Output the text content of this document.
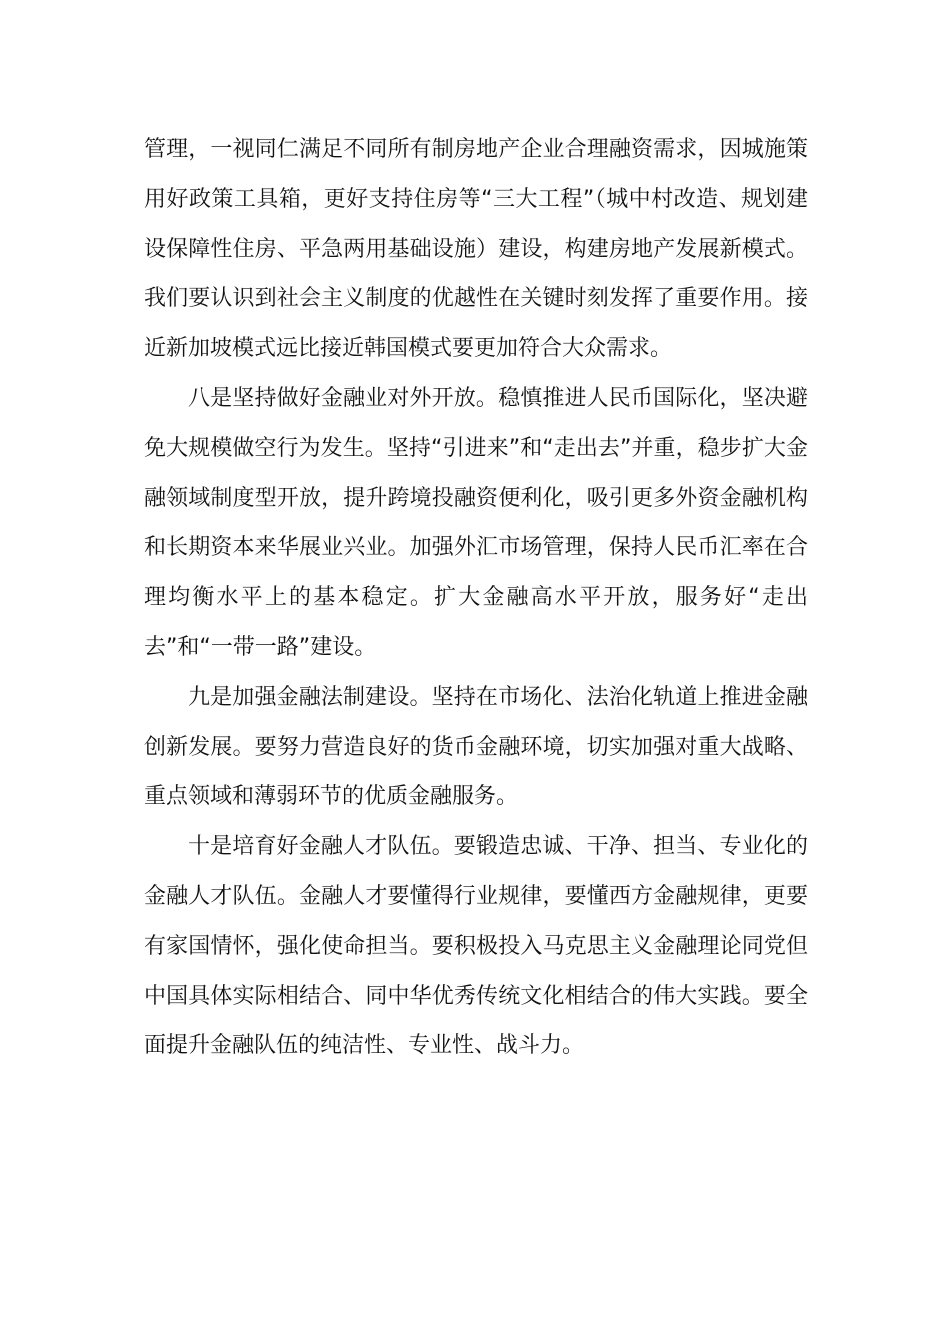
管理，一视同仁满足不同所有制房地产企业合理融资需求，因城施策用好政策工具箱，更好支持住房等“三大工程”（城中村改造、规划建设保障性住房、平急两用基础设施）建设，构建房地产发展新模式。我们要认识到社会主义制度的优越性在关键时刻发挥了重要作用。接近新加坡模式远比接近韩国模式要更加符合大众需求。

八是坚持做好金融业对外开放。稳慎推进人民币国际化，坚决避免大规模做空行为发生。坚持“引进来”和“走出去”并重，稳步扩大金融领域制度型开放，提升跨境投融资便利化，吸引更多外资金融机构和长期资本来华展业兴业。加强外汇市场管理，保持人民币汇率在合理均衡水平上的基本稳定。扩大金融高水平开放，服务好“走出去”和“一带一路”建设。

九是加强金融法制建设。坚持在市场化、法治化轨道上推进金融创新发展。要努力营造良好的货币金融环境，切实加强对重大战略、重点领域和薄弱环节的优质金融服务。

十是培育好金融人才队伍。要锻造忠诚、干净、担当、专业化的金融人才队伍。金融人才要懂得行业规律，要懂西方金融规律，更要有家国情怀，强化使命担当。要积极投入马克思主义金融理论同党但中国具体实际相结合、同中华优秀传统文化相结合的伟大实践。要全面提升金融队伍的纯洁性、专业性、战斗力。
